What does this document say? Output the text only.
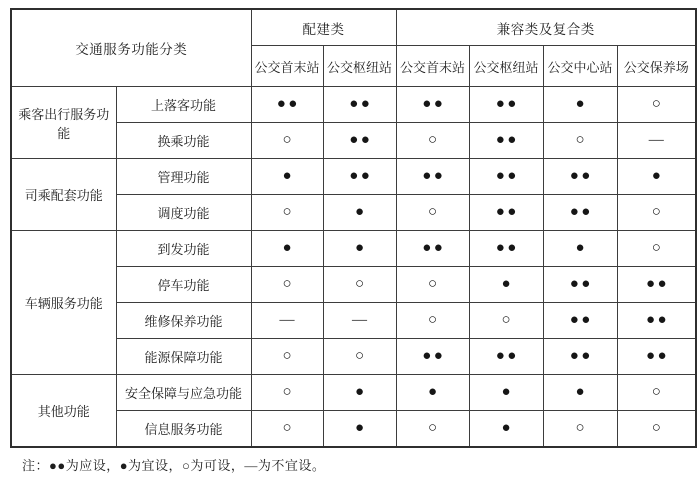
交通服务功能分类		配建类		兼容类及复合类			
		公交首末站	公交枢纽站	公交首末站	公交枢纽站	公交中心站	公交保养场
乘客出行服务功能	上落客功能	●●	●●	●●	●●	●	○
	换乘功能	○	●●	○	●●	○	—
司乘配套功能	管理功能	●	●●	●●	●●	●●	●
	调度功能	○	●	○	●●	●●	○
车辆服务功能	到发功能	●	●	●●	●●	●	○
	停车功能	○	○	○	●	●●	●●
	维修保养功能	—	—	○	○	●●	●●
	能源保障功能	○	○	●●	●●	●●	●●
其他功能	安全保障与应急功能	○	●	●	●	●	○
	信息服务功能	○	●	○	●	○	○
注：●●为应设，●为宜设，○为可设，—为不宜设。
